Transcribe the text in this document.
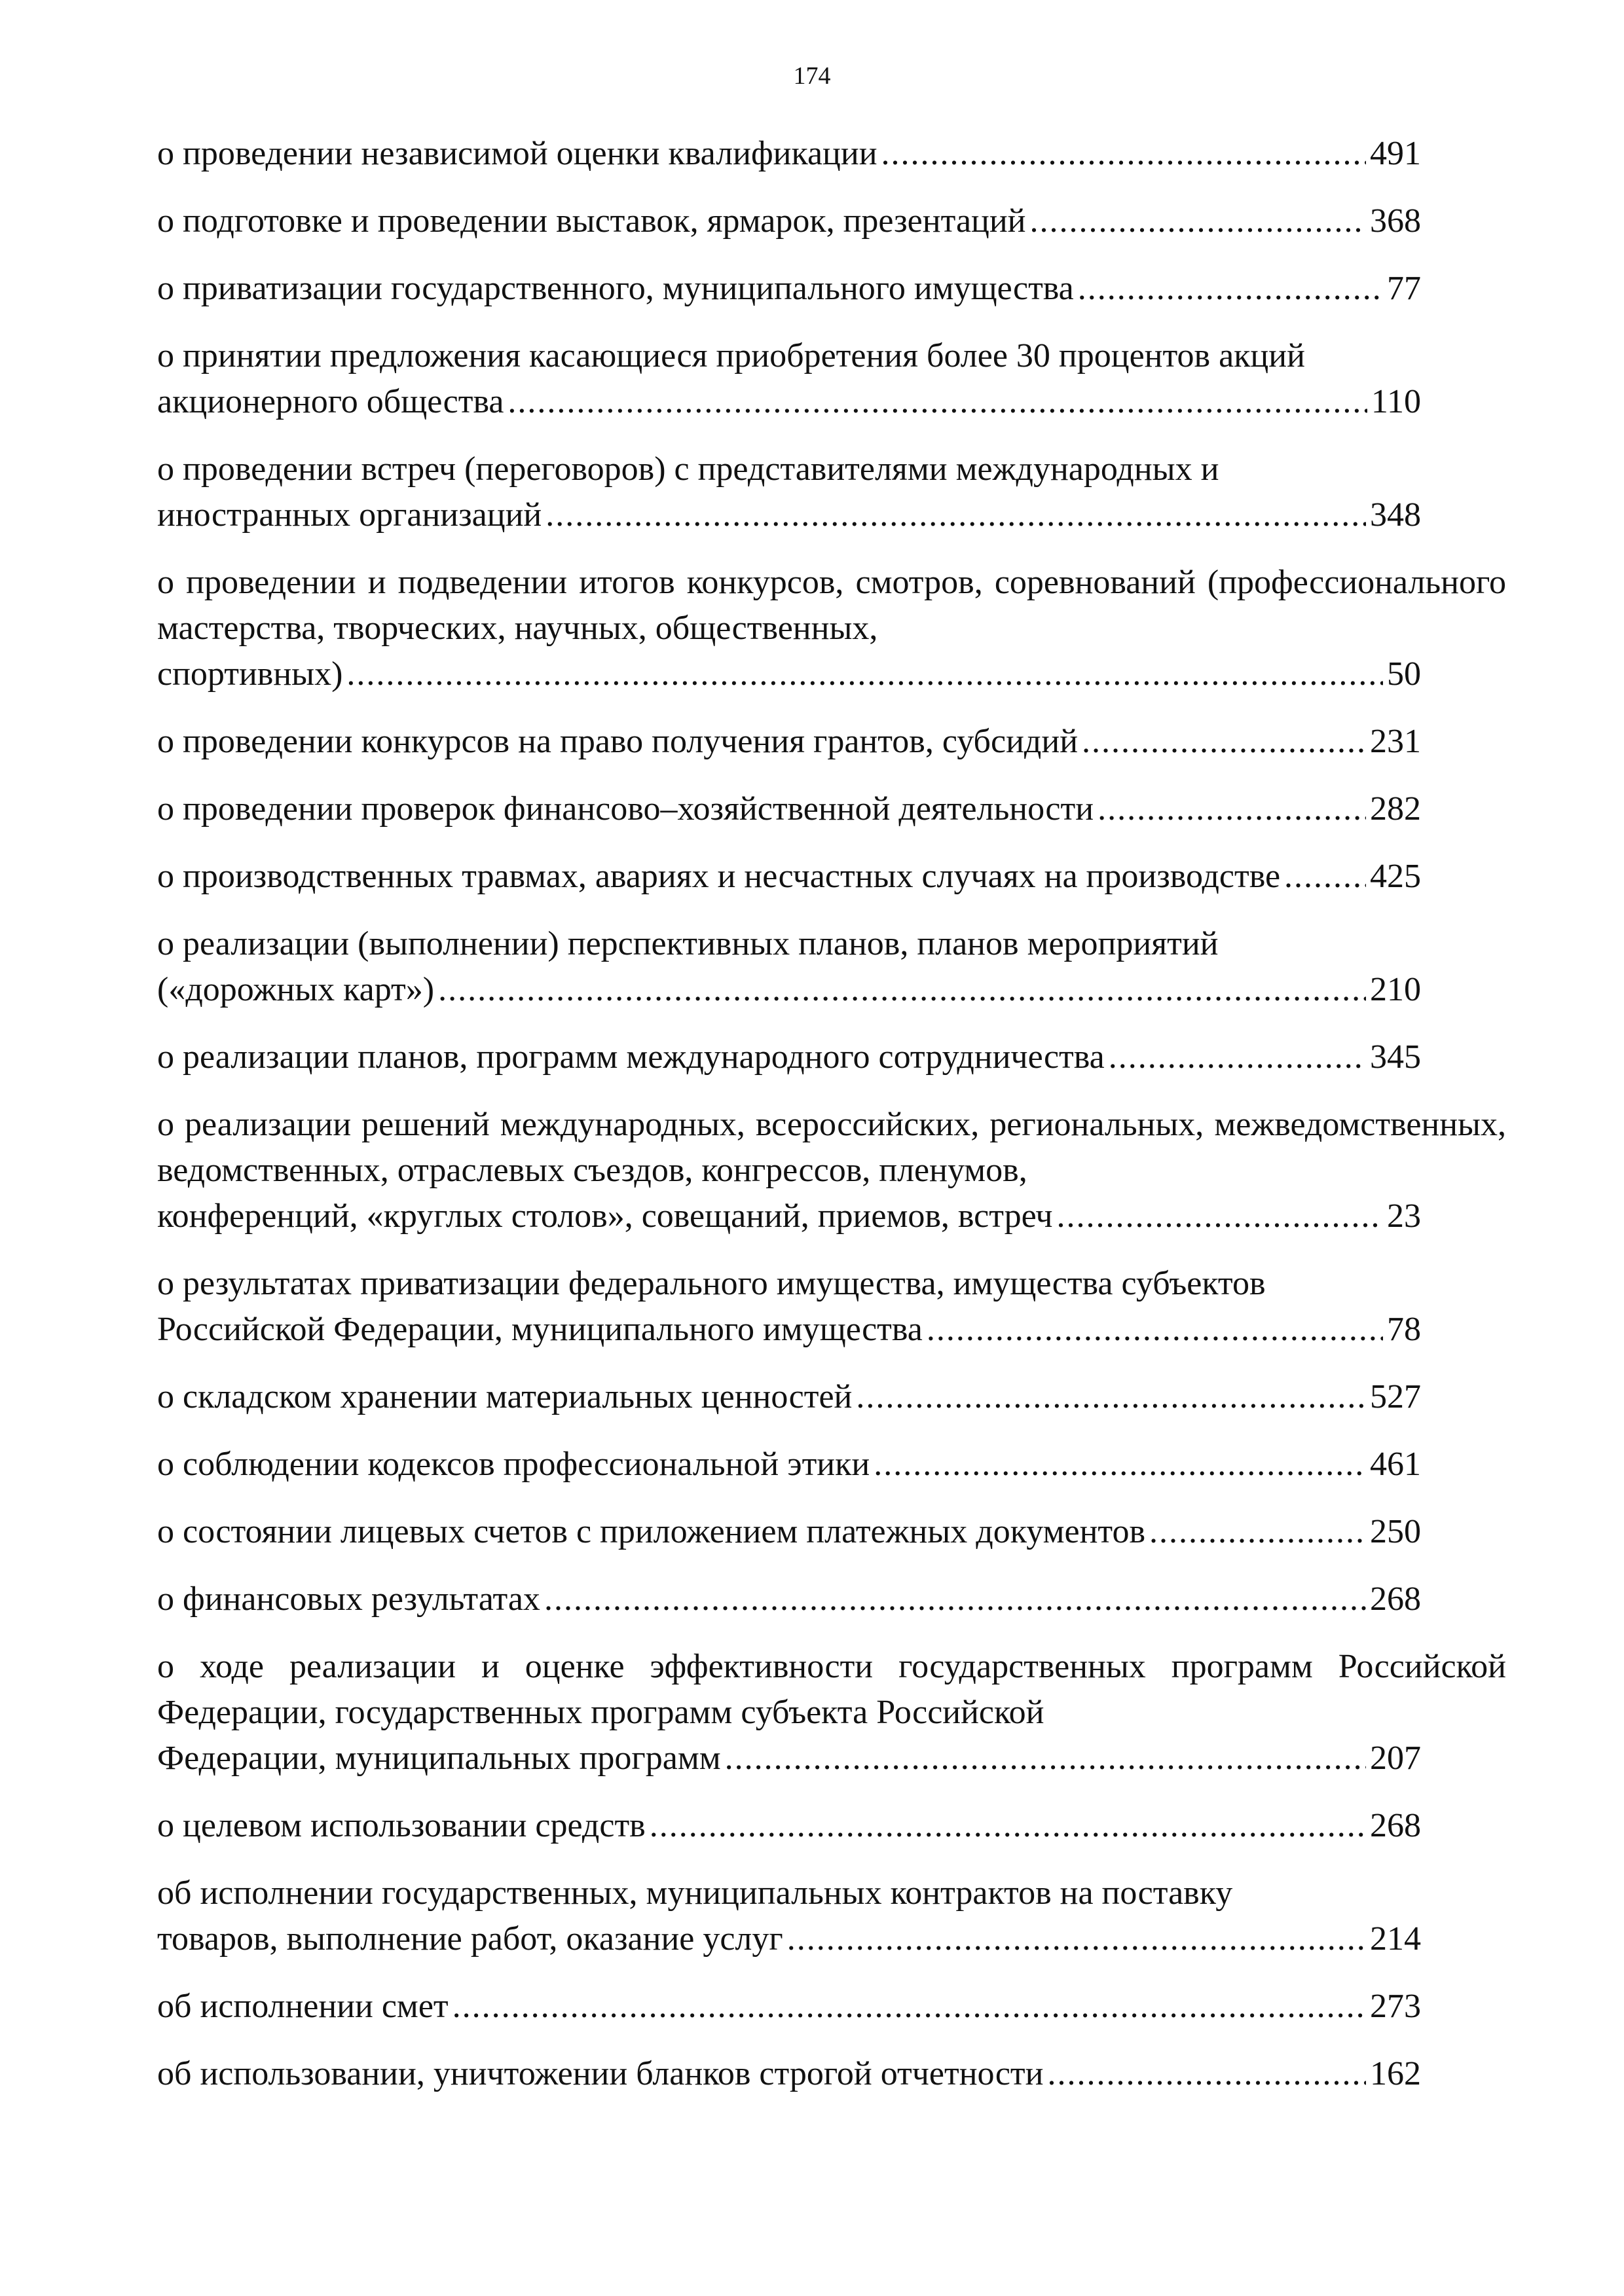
174
о проведении независимой оценки квалификации .....	491
о подготовке и проведении выставок, ярмарок, презентаций .....	368
о приватизации государственного, муниципального имущества .....	77
о принятии предложения касающиеся приобретения более 30 процентов акций
акционерного общества .....	110
о проведении встреч (переговоров) с представителями международных и
иностранных организаций .....	348
о проведении и подведении итогов конкурсов, смотров, соревнований (профессионального мастерства, творческих, научных, общественных,
спортивных) .....	50
о проведении конкурсов на право получения грантов, субсидий .....	231
о проведении проверок финансово–хозяйственной деятельности .....	282
о производственных травмах, авариях и несчастных случаях на производстве .....	425
о реализации (выполнении) перспективных планов, планов мероприятий
(«дорожных карт») .....	210
о реализации планов, программ международного сотрудничества .....	345
о реализации решений международных, всероссийских, региональных, межведомственных, ведомственных, отраслевых съездов, конгрессов, пленумов,
конференций, «круглых столов», совещаний, приемов, встреч .....	23
о результатах приватизации федерального имущества, имущества субъектов
Российской Федерации, муниципального имущества .....	78
о складском хранении материальных ценностей .....	527
о соблюдении кодексов профессиональной этики .....	461
о состоянии лицевых счетов с приложением платежных документов .....	250
о финансовых результатах .....	268
о ходе реализации и оценке эффективности государственных программ Российской Федерации, государственных программ субъекта Российской
Федерации, муниципальных программ .....	207
о целевом использовании средств .....	268
об исполнении государственных, муниципальных контрактов на поставку
товаров, выполнение работ, оказание услуг .....	214
об исполнении смет .....	273
об использовании, уничтожении бланков строгой отчетности .....	162
